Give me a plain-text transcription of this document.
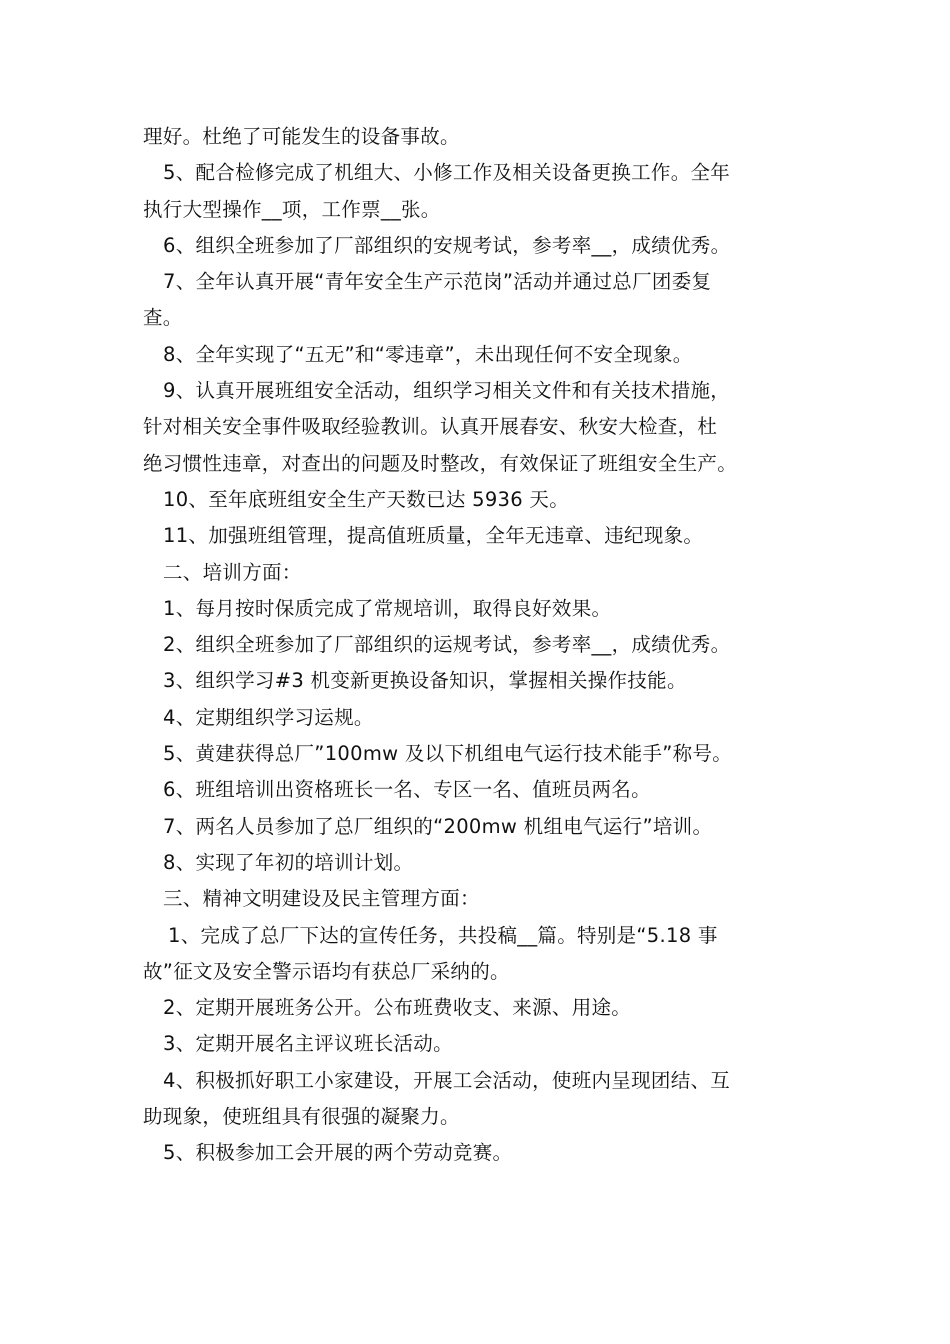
理好。杜绝了可能发生的设备事故。
5、配合检修完成了机组大、小修工作及相关设备更换工作。全年
执行大型操作__项，工作票__张。
6、组织全班参加了厂部组织的安规考试，参考率__，成绩优秀。
7、全年认真开展“青年安全生产示范岗”活动并通过总厂团委复
查。
8、全年实现了“五无”和“零违章”，未出现任何不安全现象。
9、认真开展班组安全活动，组织学习相关文件和有关技术措施，
针对相关安全事件吸取经验教训。认真开展春安、秋安大检查，杜
绝习惯性违章，对查出的问题及时整改，有效保证了班组安全生产。
10、至年底班组安全生产天数已达 5936 天。
11、加强班组管理，提高值班质量，全年无违章、违纪现象。
二、培训方面：
1、每月按时保质完成了常规培训，取得良好效果。
2、组织全班参加了厂部组织的运规考试，参考率__，成绩优秀。
3、组织学习#3 机变新更换设备知识，掌握相关操作技能。
4、定期组织学习运规。
5、黄建获得总厂”100mw 及以下机组电气运行技术能手”称号。
6、班组培训出资格班长一名、专区一名、值班员两名。
7、两名人员参加了总厂组织的“200mw 机组电气运行”培训。
8、实现了年初的培训计划。
三、精神文明建设及民主管理方面：
1、完成了总厂下达的宣传任务，共投稿__篇。特别是“5.18 事
故”征文及安全警示语均有获总厂采纳的。
2、定期开展班务公开。公布班费收支、来源、用途。
3、定期开展名主评议班长活动。
4、积极抓好职工小家建设，开展工会活动，使班内呈现团结、互
助现象，使班组具有很强的凝聚力。
5、积极参加工会开展的两个劳动竞赛。
